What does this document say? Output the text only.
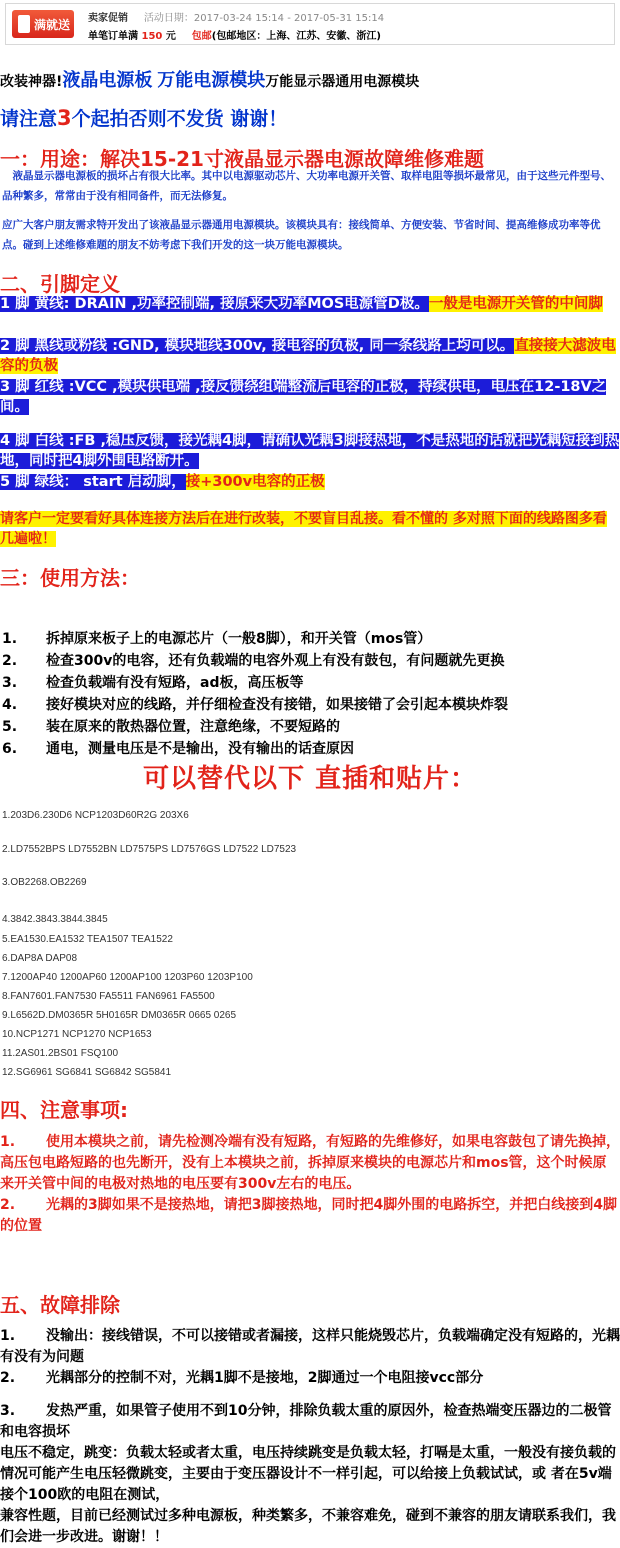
满就送 卖家促销 活动日期：2017-03-24 15:14 - 2017-05-31 15:14
单笔订单满 150 元 包邮(包邮地区：上海、江苏、安徽、浙江)
改装神器!液晶电源板 万能电源模块万能显示器通用电源模块
请注意3个起拍否则不发货 谢谢！
一：用途：解决15-21寸液晶显示器电源故障维修难题
　液晶显示器电源板的损坏占有很大比率。其中以电源驱动芯片、大功率电源开关管、取样电阻等损坏最常见，由于这些元件型号、品种繁多，常常由于没有相同备件，而无法修复。
应广大客户朋友需求特开发出了该液晶显示器通用电源模块。该模块具有：接线简单、方便安装、节省时间、提高维修成功率等优点。碰到上述维修难题的朋友不妨考虑下我们开发的这一块万能电源模块。
二、引脚定义
1 脚 黄线: DRAIN ,功率控制端, 接原来大功率MOS电源管D极。一般是电源开关管的中间脚
2 脚 黑线或粉线 :GND, 模块地线300v, 接电容的负极, 同一条线路上均可以。直接接大滤波电容的负极
3 脚 红线 :VCC ,模块供电端 ,接反馈绕组端整流后电容的正极，持续供电，电压在12-18V之间。
4 脚 白线 :FB ,稳压反馈，接光耦4脚，请确认光耦3脚接热地，不是热地的话就把光耦短接到热地，同时把4脚外围电路断开。
5 脚 绿线： start 启动脚，接+300v电容的正极
请客户一定要看好具体连接方法后在进行改装，不要盲目乱接。看不懂的 多对照下面的线路图多看几遍啦！
三：使用方法：
1. 拆掉原来板子上的电源芯片（一般8脚），和开关管（mos管）
2. 检查300v的电容，还有负载端的电容外观上有没有鼓包，有问题就先更换
3. 检查负载端有没有短路，ad板，高压板等
4. 接好模块对应的线路，并仔细检查没有接错，如果接错了会引起本模块炸裂
5. 装在原来的散热器位置，注意绝缘，不要短路的
6. 通电，测量电压是不是输出，没有输出的话查原因
可以替代以下 直插和贴片：
1.203D6.230D6 NCP1203D60R2G 203X6
2.LD7552BPS LD7552BN LD7575PS LD7576GS LD7522 LD7523
3.OB2268.OB2269
4.3842.3843.3844.3845
5.EA1530.EA1532 TEA1507 TEA1522
6.DAP8A DAP08
7.1200AP40 1200AP60 1200AP100 1203P60 1203P100
8.FAN7601.FAN7530 FA5511 FAN6961 FA5500
9.L6562D.DM0365R 5H0165R DM0365R 0665 0265
10.NCP1271 NCP1270 NCP1653
11.2AS01.2BS01 FSQ100
12.SG6961 SG6841 SG6842 SG5841
四、注意事项:
1. 使用本模块之前，请先检测冷端有没有短路，有短路的先维修好，如果电容鼓包了请先换掉，高压包电路短路的也先断开，没有上本模块之前，拆掉原来模块的电源芯片和mos管，这个时候原来开关管中间的电极对热地的电压要有300v左右的电压。
2. 光耦的3脚如果不是接热地，请把3脚接热地，同时把4脚外围的电路拆空，并把白线接到4脚的位置
五、故障排除
1. 没输出：接线错误，不可以接错或者漏接，这样只能烧毁芯片，负载端确定没有短路的，光耦有没有为问题
2. 光耦部分的控制不对，光耦1脚不是接地，2脚通过一个电阻接vcc部分
3. 发热严重，如果管子使用不到10分钟，排除负载太重的原因外，检查热端变压器边的二极管和电容损坏
电压不稳定，跳变：负载太轻或者太重，电压持续跳变是负载太轻，打嗝是太重，一般没有接负载的情况可能产生电压轻微跳变，主要由于变压器设计不一样引起，可以给接上负载试试，或 者在5v端接个100欧的电阻在测试，
兼容性题，目前已经测试过多种电源板，种类繁多，不兼容难免，碰到不兼容的朋友请联系我们，我们会进一步改进。谢谢！！
